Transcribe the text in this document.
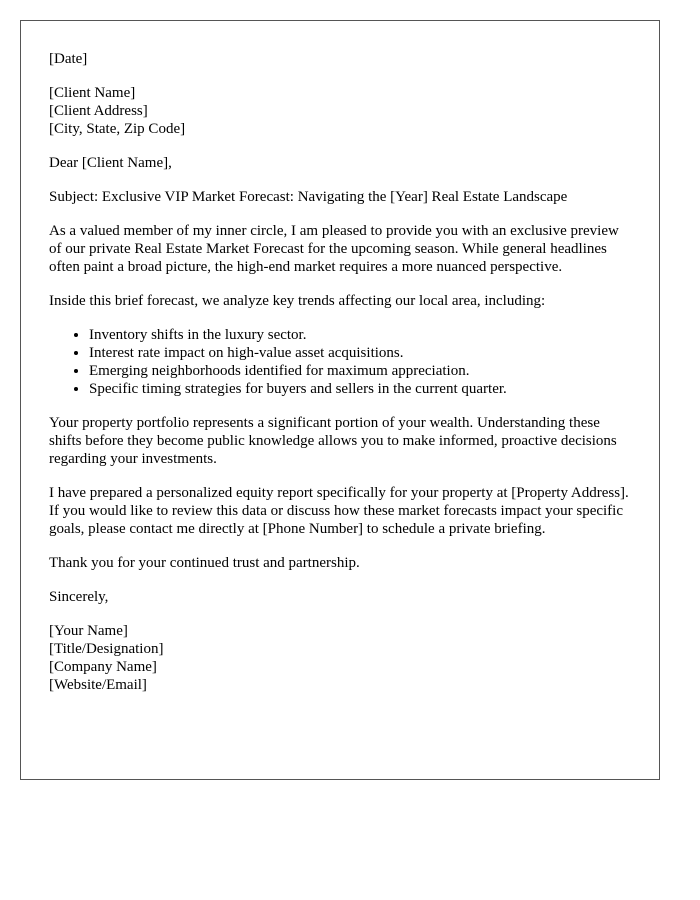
[Date]

[Client Name]
[Client Address]
[City, State, Zip Code]

Dear [Client Name],

Subject: Exclusive VIP Market Forecast: Navigating the [Year] Real Estate Landscape

As a valued member of my inner circle, I am pleased to provide you with an exclusive preview of our private Real Estate Market Forecast for the upcoming season. While general headlines often paint a broad picture, the high-end market requires a more nuanced perspective.

Inside this brief forecast, we analyze key trends affecting our local area, including:

• Inventory shifts in the luxury sector.
• Interest rate impact on high-value asset acquisitions.
• Emerging neighborhoods identified for maximum appreciation.
• Specific timing strategies for buyers and sellers in the current quarter.

Your property portfolio represents a significant portion of your wealth. Understanding these shifts before they become public knowledge allows you to make informed, proactive decisions regarding your investments.

I have prepared a personalized equity report specifically for your property at [Property Address]. If you would like to review this data or discuss how these market forecasts impact your specific goals, please contact me directly at [Phone Number] to schedule a private briefing.

Thank you for your continued trust and partnership.

Sincerely,

[Your Name]
[Title/Designation]
[Company Name]
[Website/Email]
